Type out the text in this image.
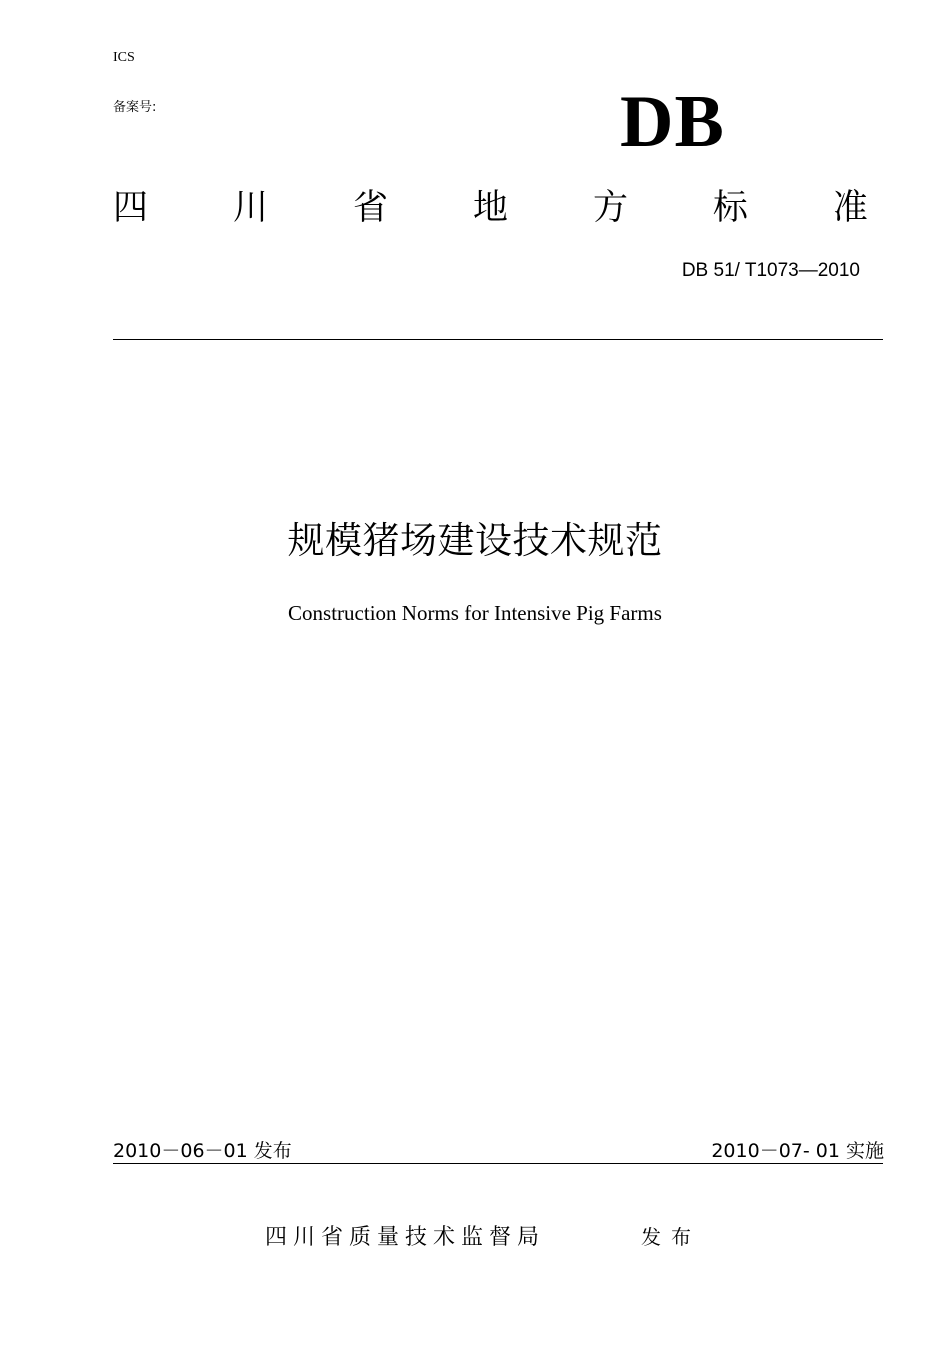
ICS
备案号:	DB
四 川 省 地 方 标 准
DB 51/ T1073—2010
规模猪场建设技术规范
Construction Norms for Intensive Pig Farms
2010－06－01 发布	2010－07- 01 实施
四川省质量技术监督局	发布
